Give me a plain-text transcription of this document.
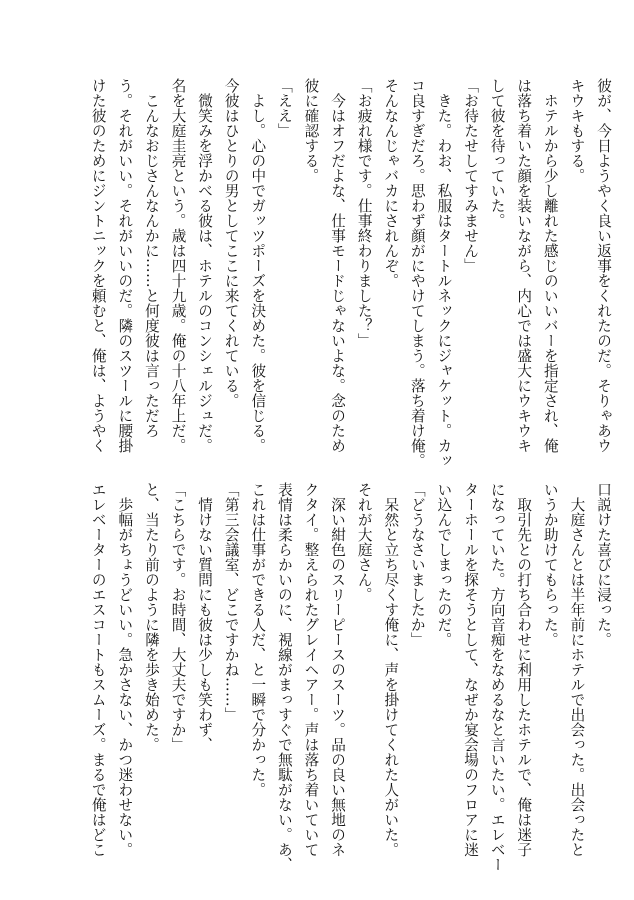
彼が、今日ようやく良い返事をくれたのだ。そりゃあウ
キウキもする。
　ホテルから少し離れた感じのいいバーを指定され、俺
は落ち着いた顔を装いながら、内心では盛大にウキウキ
して彼を待っていた。
「お待たせしてすみません」
　きた。わお、私服はタートルネックにジャケット。カッ
コ良すぎだろ。思わず顔がにやけてしまう。落ち着け俺。
そんなんじゃバカにされんぞ。
「お疲れ様です。仕事終わりました？」
　今はオフだよな、仕事モードじゃないよな。念のため
彼に確認する。
「ええ」
　よし。心の中でガッツポーズを決めた。彼を信じる。
今彼はひとりの男としてここに来てくれている。
　微笑みを浮かべる彼は、ホテルのコンシェルジュだ。
名を大庭圭亮という。歳は四十九歳。俺の十八年上だ。
　こんなおじさんなんかに……と何度彼は言っただろ
う。それがいい。それがいいのだ。隣のスツールに腰掛
けた彼のためにジントニックを頼むと、俺は、ようやく
口説けた喜びに浸った。
　大庭さんとは半年前にホテルで出会った。出会ったと
いうか助けてもらった。
　取引先との打ち合わせに利用したホテルで、俺は迷子
になっていた。方向音痴をなめるなと言いたい。エレベー
ターホールを探そうとして、なぜか宴会場のフロアに迷
い込んでしまったのだ。
「どうなさいましたか」
　呆然と立ち尽くす俺に、声を掛けてくれた人がいた。
それが大庭さん。
　深い紺色のスリーピースのスーツ。品の良い無地のネ
クタイ。整えられたグレイヘアー。声は落ち着いていて
表情は柔らかいのに、視線がまっすぐで無駄がない。あ、
これは仕事ができる人だ、と一瞬で分かった。
「第三会議室、どこですかね……」
　情けない質問にも彼は少しも笑わず、
「こちらです。お時間、大丈夫ですか」
と、当たり前のように隣を歩き始めた。
　歩幅がちょうどいい。急かさない、かつ迷わせない。
エレベーターのエスコートもスムーズ。まるで俺はどこ
